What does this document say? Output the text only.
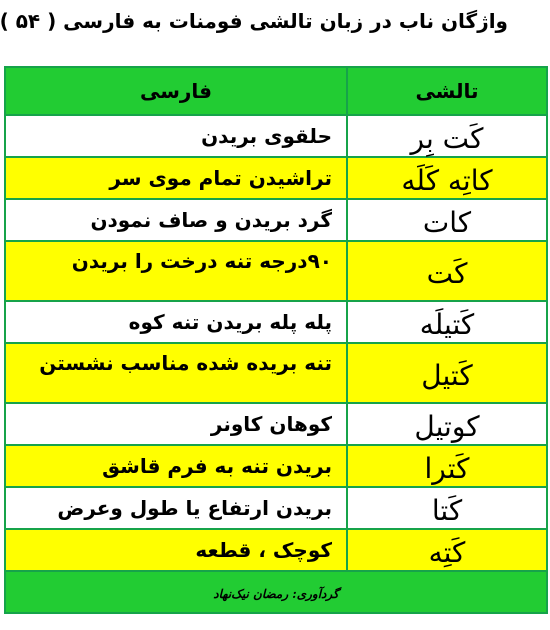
واژگان ناب در زبان تالشی فومنات به فارسی ( ۵۴ )
تالشی	فارسی
کَت بِر	حلقوی بریدن
کاتِه کَلَه	تراشیدن تمام موی سر
کات	گرد بریدن و صاف نمودن
کَت	۹۰درجه تنه درخت را بریدن
کَتیلَه	پله پله بریدن تنه کوه
کَتیل	تنه بریده شده مناسب نشستن
کوتیل	کوهان کاونر
کَترا	بریدن تنه به فرم قاشق
کَتا	بریدن ارتفاع یا طول وعرض
کَتِه	کوچک ، قطعه
گردآوری: رمضان نیک‌نهاد	
